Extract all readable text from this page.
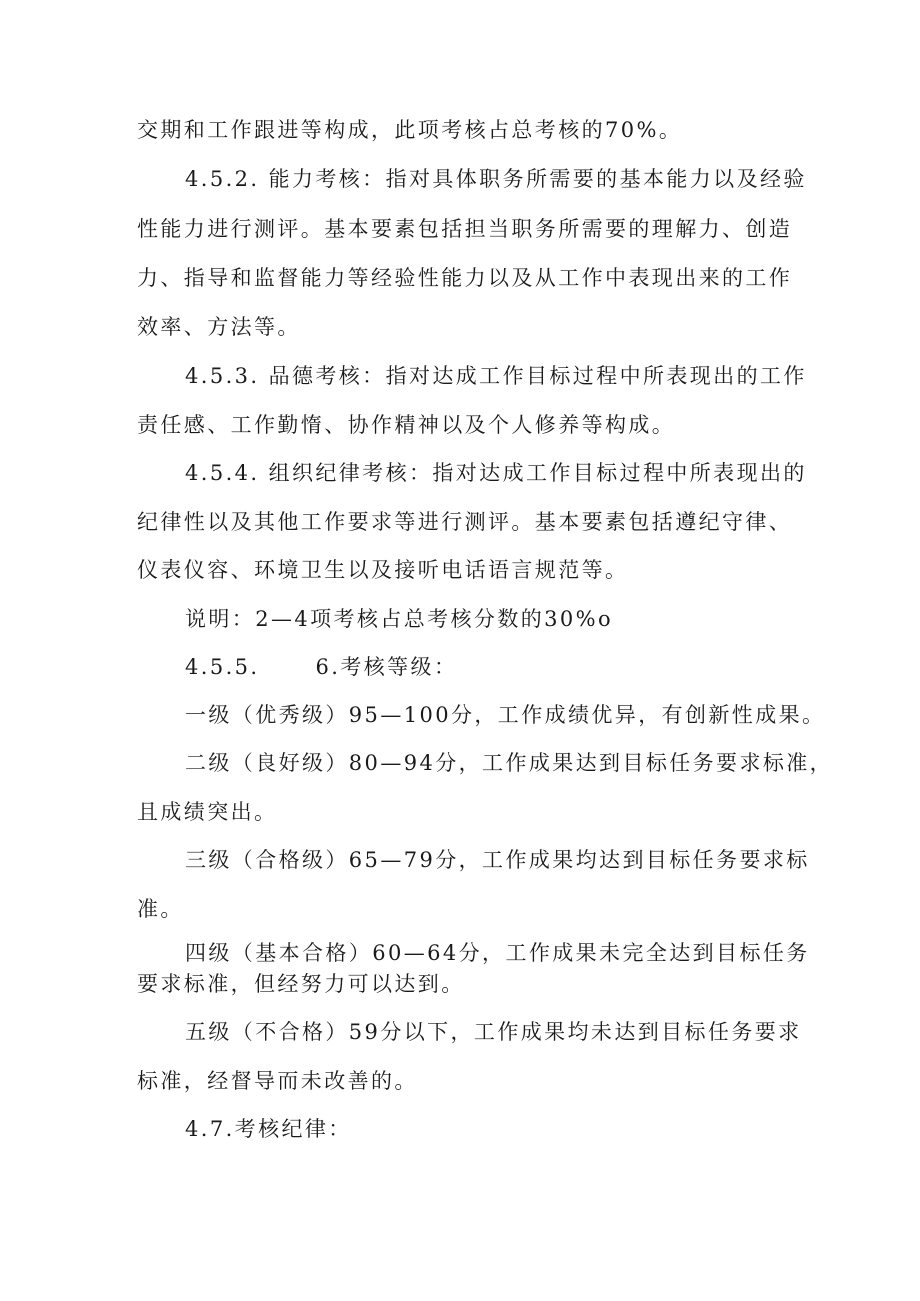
交期和工作跟进等构成，此项考核占总考核的70%。
4.5.2. 能力考核：指对具体职务所需要的基本能力以及经验
性能力进行测评。基本要素包括担当职务所需要的理解力、创造
力、指导和监督能力等经验性能力以及从工作中表现出来的工作
效率、方法等。
4.5.3. 品德考核：指对达成工作目标过程中所表现出的工作
责任感、工作勤惰、协作精神以及个人修养等构成。
4.5.4. 组织纪律考核：指对达成工作目标过程中所表现出的
纪律性以及其他工作要求等进行测评。基本要素包括遵纪守律、
仪表仪容、环境卫生以及接听电话语言规范等。
说明：2—4项考核占总考核分数的30%o
4.5.5.	6.考核等级：
一级（优秀级）95—100分，工作成绩优异，有创新性成果。
二级（良好级）80—94分，工作成果达到目标任务要求标准，
且成绩突出。
三级（合格级）65—79分，工作成果均达到目标任务要求标
准。
四级（基本合格）60—64分，工作成果未完全达到目标任务
要求标准，但经努力可以达到。
五级（不合格）59分以下，工作成果均未达到目标任务要求
标准，经督导而未改善的。
4.7.考核纪律：
